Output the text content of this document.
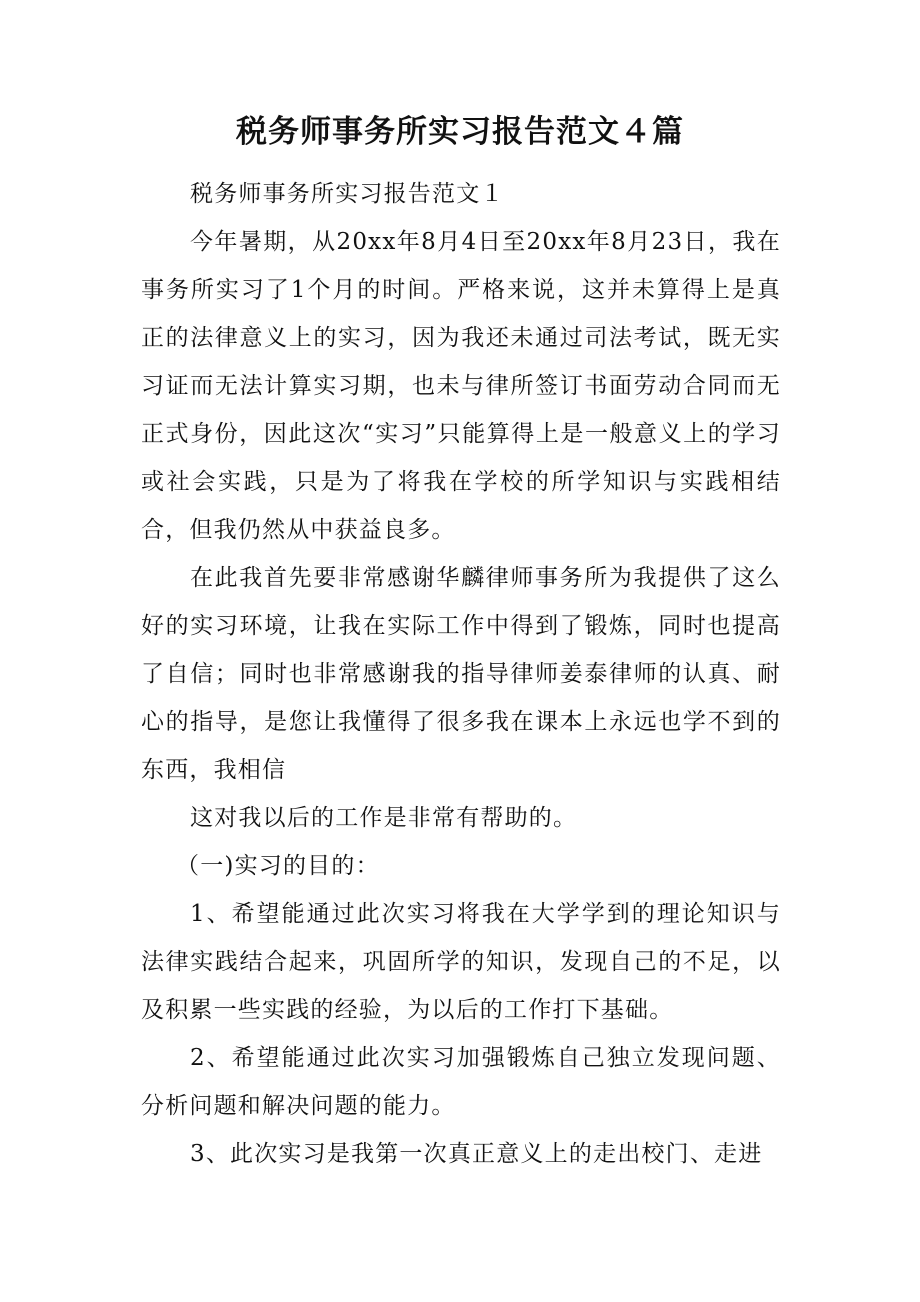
税务师事务所实习报告范文４篇

税务师事务所实习报告范文１

今年暑期，从20xx年8月4日至20xx年8月23日，我在事务所实习了1个月的时间。严格来说，这并未算得上是真正的法律意义上的实习，因为我还未通过司法考试，既无实习证而无法计算实习期，也未与律所签订书面劳动合同而无正式身份，因此这次“实习”只能算得上是一般意义上的学习或社会实践，只是为了将我在学校的所学知识与实践相结合，但我仍然从中获益良多。

在此我首先要非常感谢华麟律师事务所为我提供了这么好的实习环境，让我在实际工作中得到了锻炼，同时也提高了自信；同时也非常感谢我的指导律师姜泰律师的认真、耐心的指导，是您让我懂得了很多我在课本上永远也学不到的东西，我相信

这对我以后的工作是非常有帮助的。

（一)实习的目的：

1、希望能通过此次实习将我在大学学到的理论知识与法律实践结合起来，巩固所学的知识，发现自己的不足，以及积累一些实践的经验，为以后的工作打下基础。

2、希望能通过此次实习加强锻炼自己独立发现问题、分析问题和解决问题的能力。

3、此次实习是我第一次真正意义上的走出校门、走进
